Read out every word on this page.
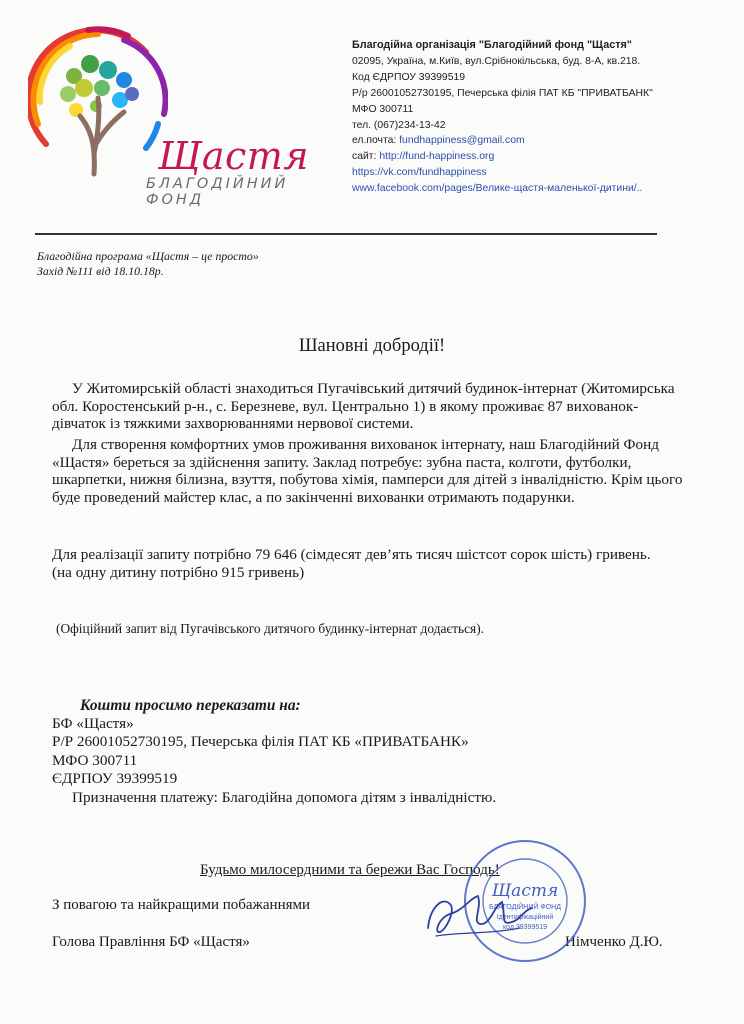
Щастя
БЛАГОДІЙНИЙ ФОНД
Благодійна організація "Благодійний фонд "Щастя"
02095, Україна, м.Київ, вул.Срібнокільська, буд. 8-А, кв.218.
Код ЄДРПОУ 39399519
Р/р 26001052730195, Печерська філія ПАТ КБ "ПРИВАТБАНК"
МФО 300711
тел. (067)234-13-42
ел.почта: fundhappiness@gmail.com
сайт: http://fund-happiness.org
https://vk.com/fundhappiness
www.facebook.com/pages/Велике-щастя-маленької-дитини/..
Благодійна програма «Щастя – це просто»
Захід №111 від 18.10.18р.
Шановні добродії!
У Житомирській області знаходиться Пугачівський дитячий будинок-інтернат (Житомирська обл. Коростенський р-н., с. Березневе, вул. Центрально 1) в якому проживає 87 вихованок-дівчаток із тяжкими захворюваннями нервової системи.
Для створення комфортних умов проживання вихованок інтернату, наш Благодійний Фонд «Щастя» береться за здійснення запиту. Заклад потребує: зубна паста, колготи, футболки, шкарпетки, нижня білизна, взуття, побутова хімія, памперси для дітей з інвалідністю. Крім цього буде проведений майстер клас, а по закінченні вихованки отримають подарунки.
Для реалізації запиту потрібно 79 646 (сімдесят дев’ять тисяч шістсот сорок шість) гривень.
(на одну дитину потрібно 915 гривень)
(Офіційний запит від Пугачівського дитячого будинку-інтернат додається).
Кошти просимо переказати на:
БФ «Щастя»
Р/Р 26001052730195, Печерська філія ПАТ КБ «ПРИВАТБАНК»
МФО 300711
ЄДРПОУ 39399519
Призначення платежу: Благодійна допомога дітям з інвалідністю.
Будьмо милосердними та бережи Вас Господь!
З повагою та найкращими побажаннями
Голова Правління БФ «Щастя»	Німченко Д.Ю.
Щастя
БЛАГОДІЙНИЙ ФОНД
Ідентифікаційний
код 39399519
